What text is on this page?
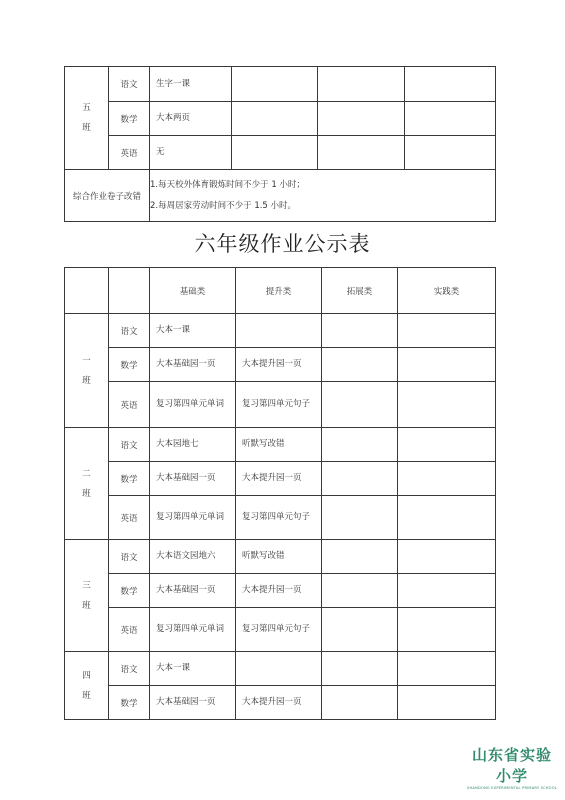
五
班	语文	生字一课			
	数学	大本两页			
	英语	无			
综合作业卷子改错		1.每天校外体育锻炼时间不少于 1 小时；
2.每周居家劳动时间不少于 1.5 小时。			
六年级作业公示表
		基础类	提升类	拓展类	实践类
一
班	语文	大本一课			
	数学	大本基础园一页	大本提升园一页		
	英语	复习第四单元单词	复习第四单元句子		
二
班	语文	大本园地七	听默写改错		
	数学	大本基础园一页	大本提升园一页		
	英语	复习第四单元单词	复习第四单元句子		
三
班	语文	大本语文园地六	听默写改错		
	数学	大本基础园一页	大本提升园一页		
	英语	复习第四单元单词	复习第四单元句子		
四
班	语文	大本一课			
	数学	大本基础园一页	大本提升园一页		
山东省实验小学
SHANDONG EXPERIMENTAL PRIMARY SCHOOL
